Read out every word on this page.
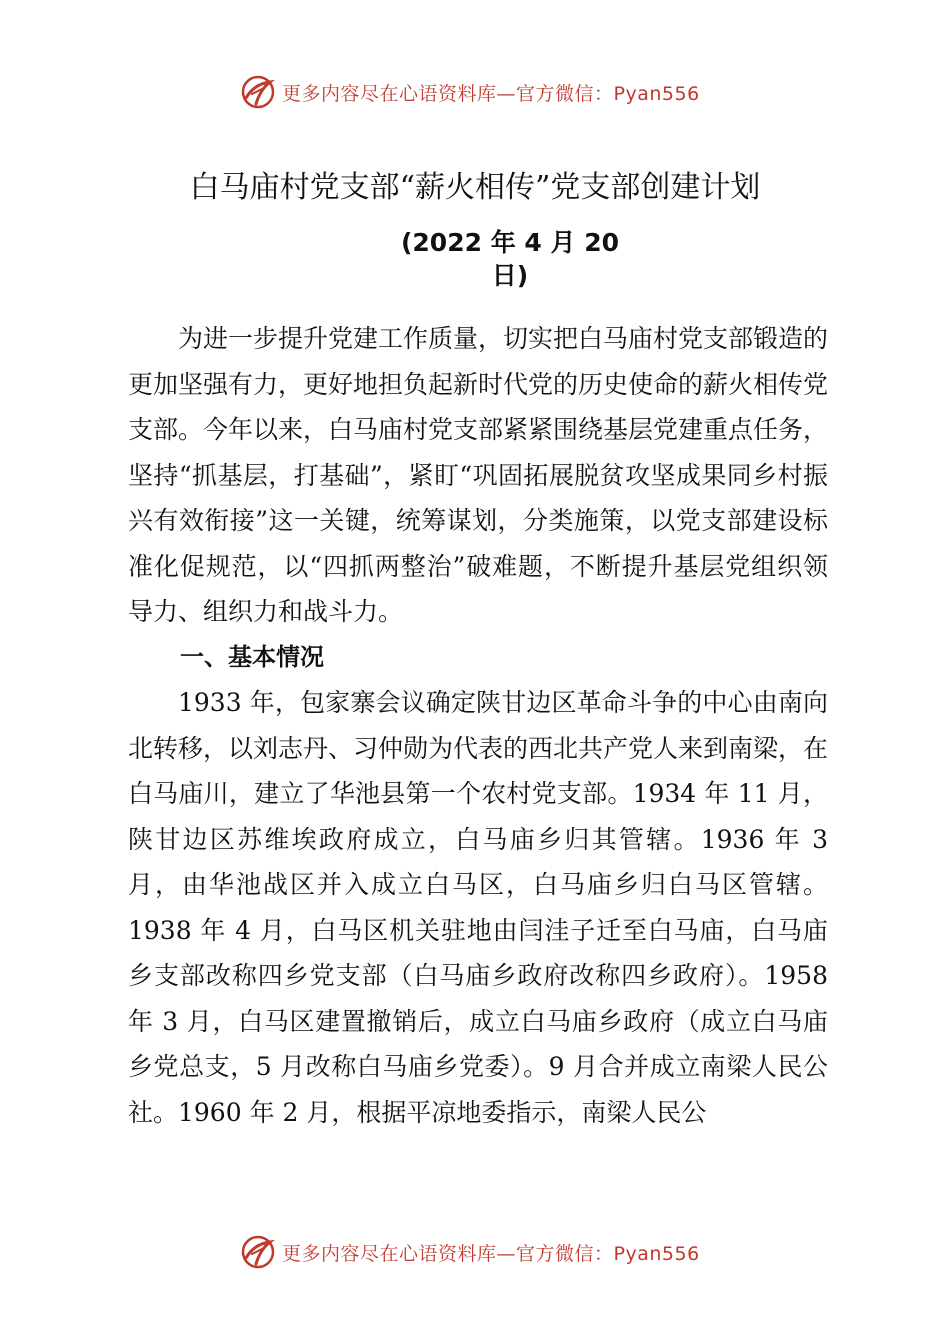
更多内容尽在心语资料库—官方微信：Pyan556
白马庙村党支部“薪火相传”党支部创建计划
(2022 年 4 月 20
日)

为进一步提升党建工作质量，切实把白马庙村党支部锻造的更加坚强有力，更好地担负起新时代党的历史使命的薪火相传党支部。今年以来，白马庙村党支部紧紧围绕基层党建重点任务，坚持“抓基层，打基础”，紧盯“巩固拓展脱贫攻坚成果同乡村振兴有效衔接”这一关键，统筹谋划，分类施策，以党支部建设标准化促规范，以“四抓两整治”破难题，不断提升基层党组织领导力、组织力和战斗力。

一、基本情况

1933 年，包家寨会议确定陕甘边区革命斗争的中心由南向北转移，以刘志丹、习仲勋为代表的西北共产党人来到南梁，在白马庙川，建立了华池县第一个农村党支部。1934 年 11 月，陕甘边区苏维埃政府成立，白马庙乡归其管辖。1936 年 3 月，由华池战区并入成立白马区，白马庙乡归白马区管辖。1938 年 4 月，白马区机关驻地由闫洼子迁至白马庙，白马庙乡支部改称四乡党支部（白马庙乡政府改称四乡政府）。1958 年 3 月，白马区建置撤销后，成立白马庙乡政府（成立白马庙乡党总支，5 月改称白马庙乡党委）。9 月合并成立南梁人民公社。1960 年 2 月，根据平凉地委指示，南梁人民公

更多内容尽在心语资料库—官方微信：Pyan556
